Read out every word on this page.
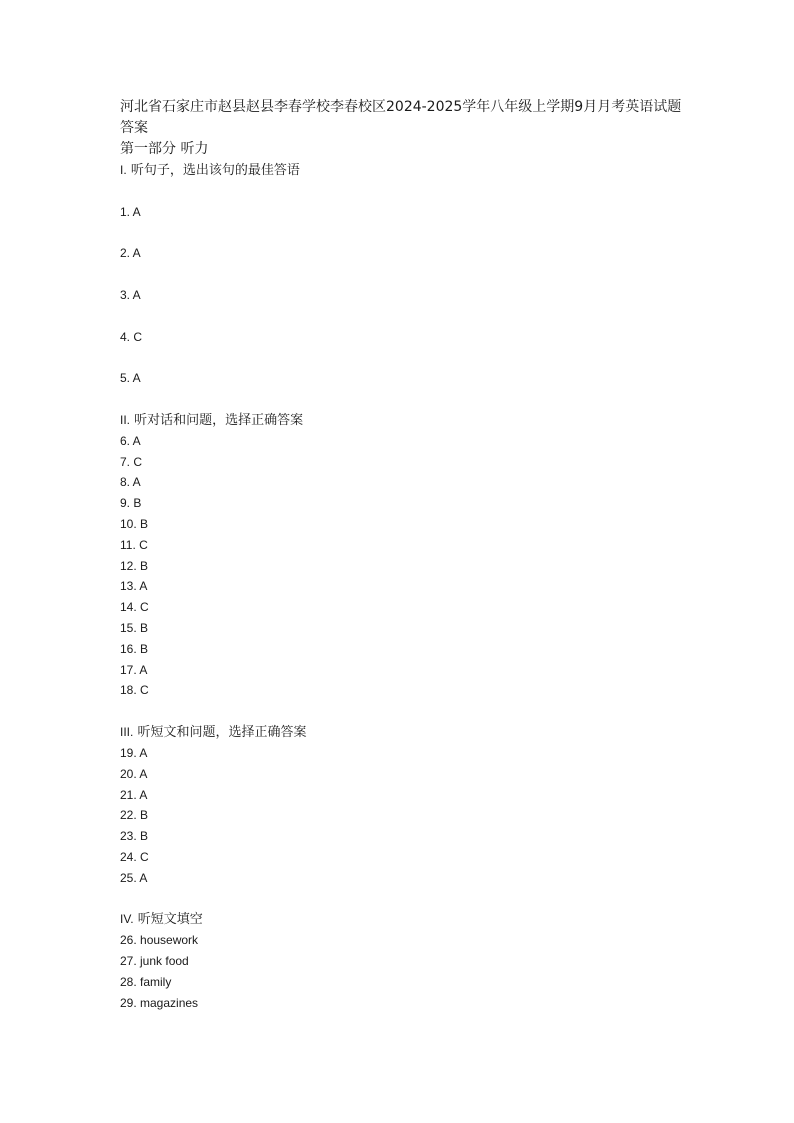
河北省石家庄市赵县赵县李春学校李春校区2024-2025学年八年级上学期9月月考英语试题

答案

第一部分 听力

I. 听句子，选出该句的最佳答语

1. A

2. A

3. A

4. C

5. A

II. 听对话和问题，选择正确答案

6. A

7. C

8. A

9. B

10. B

11. C

12. B

13. A

14. C

15. B

16. B

17. A

18. C

III. 听短文和问题，选择正确答案

19. A

20. A

21. A

22. B

23. B

24. C

25. A

IV. 听短文填空

26. housework

27. junk food

28. family

29. magazines
